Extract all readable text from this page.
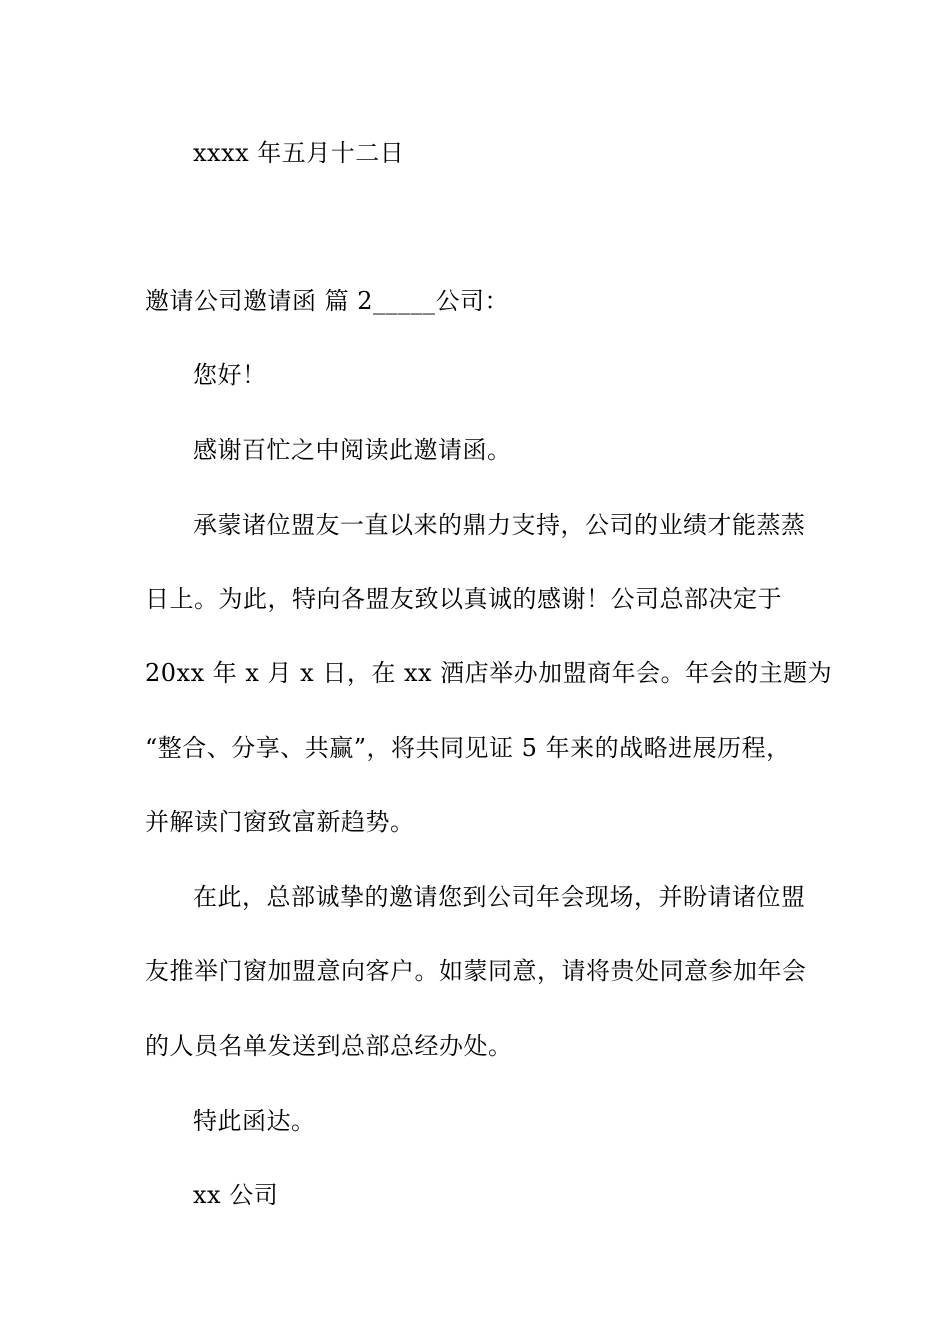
xxxx 年五月十二日
邀请公司邀请函 篇 2_____公司：
您好！
感谢百忙之中阅读此邀请函。
承蒙诸位盟友一直以来的鼎力支持，公司的业绩才能蒸蒸
日上。为此，特向各盟友致以真诚的感谢！公司总部决定于
20xx 年 x 月 x 日，在 xx 酒店举办加盟商年会。年会的主题为
“整合、分享、共赢”，将共同见证 5 年来的战略进展历程，
并解读门窗致富新趋势。
在此，总部诚挚的邀请您到公司年会现场，并盼请诸位盟
友推举门窗加盟意向客户。如蒙同意，请将贵处同意参加年会
的人员名单发送到总部总经办处。
特此函达。
xx 公司
